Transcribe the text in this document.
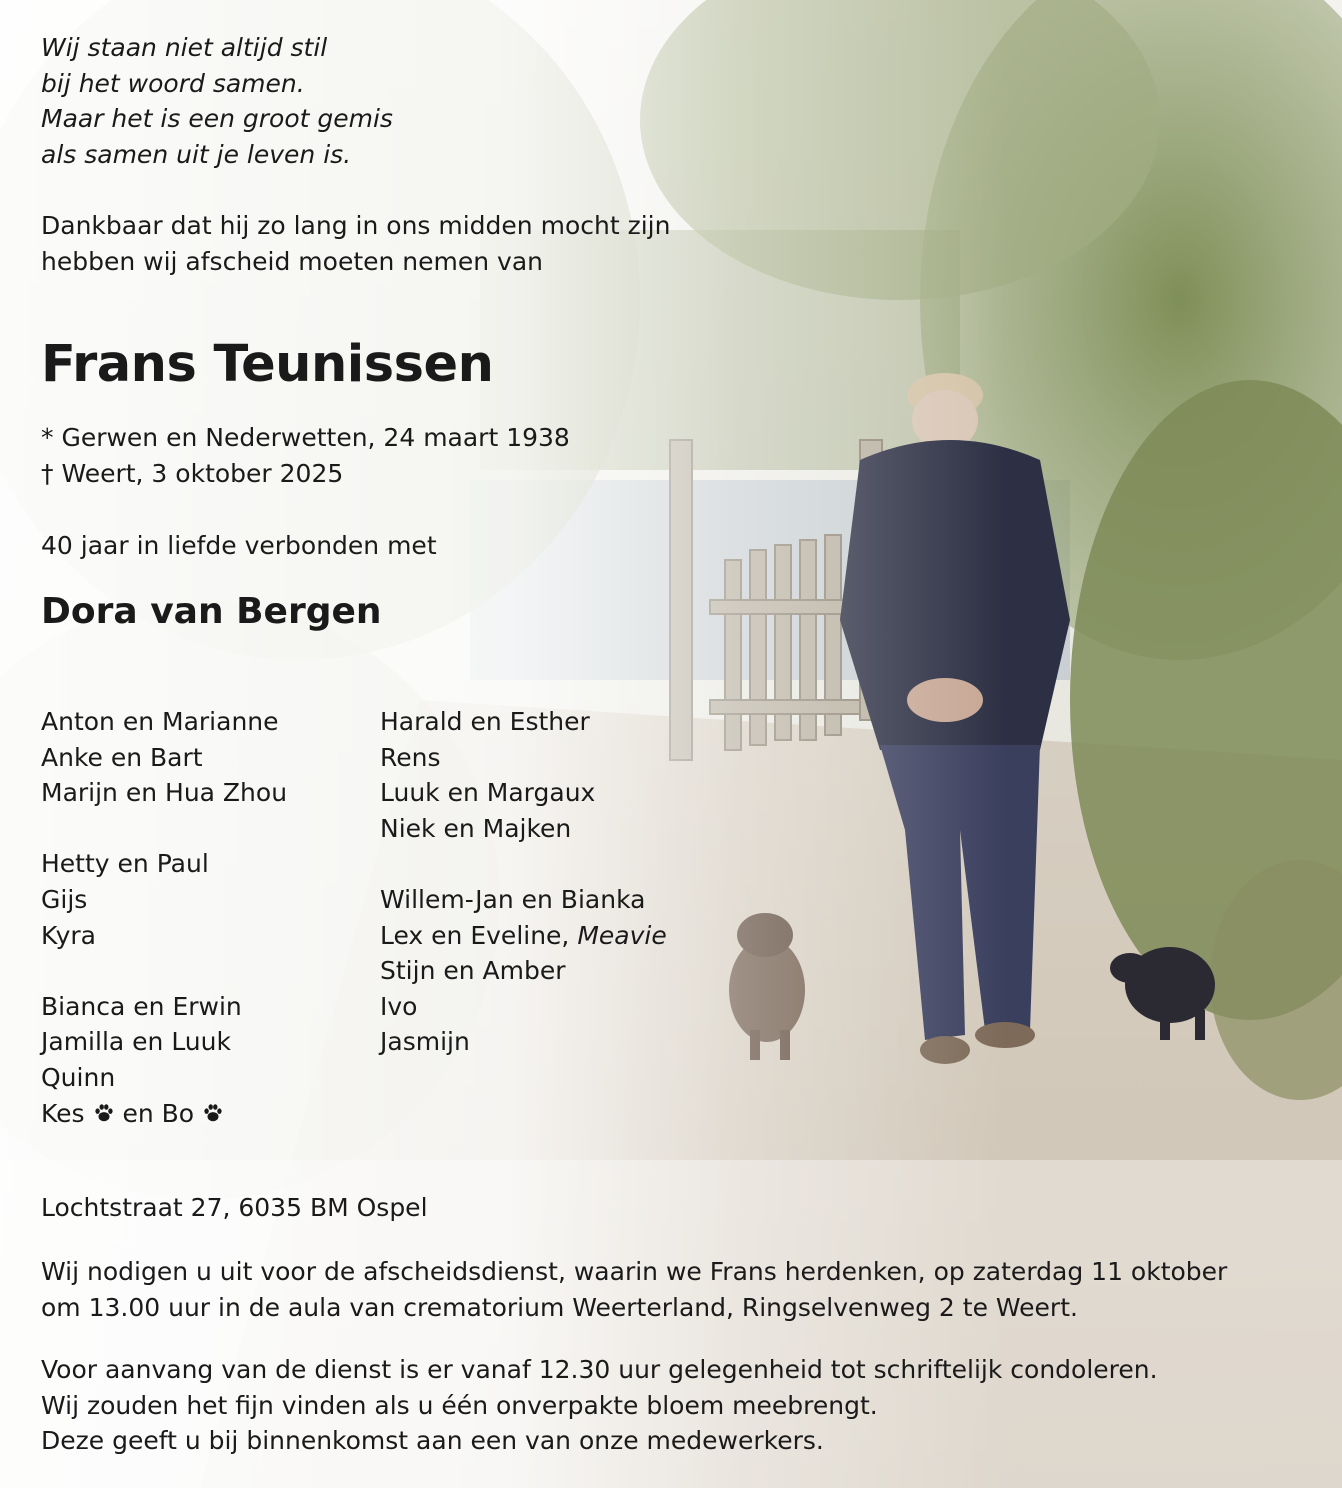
Wij staan niet altijd stil
bij het woord samen.
Maar het is een groot gemis
als samen uit je leven is.
Dankbaar dat hij zo lang in ons midden mocht zijn
hebben wij afscheid moeten nemen van
Frans Teunissen
* Gerwen en Nederwetten, 24 maart 1938
† Weert, 3 oktober 2025
40 jaar in liefde verbonden met
Dora van Bergen
Anton en Marianne
Anke en Bart
Marijn en Hua Zhou
Hetty en Paul
Gijs
Kyra
Bianca en Erwin
Jamilla en Luuk
Quinn
Kes en Bo
Harald en Esther
Rens
Luuk en Margaux
Niek en Majken
Willem-Jan en Bianka
Lex en Eveline, Meavie
Stijn en Amber
Ivo
Jasmijn
Lochtstraat 27, 6035 BM Ospel
Wij nodigen u uit voor de afscheidsdienst, waarin we Frans herdenken, op zaterdag 11 oktober
om 13.00 uur in de aula van crematorium Weerterland, Ringselvenweg 2 te Weert.
Voor aanvang van de dienst is er vanaf 12.30 uur gelegenheid tot schriftelijk condoleren.
Wij zouden het fijn vinden als u één onverpakte bloem meebrengt.
Deze geeft u bij binnenkomst aan een van onze medewerkers.
